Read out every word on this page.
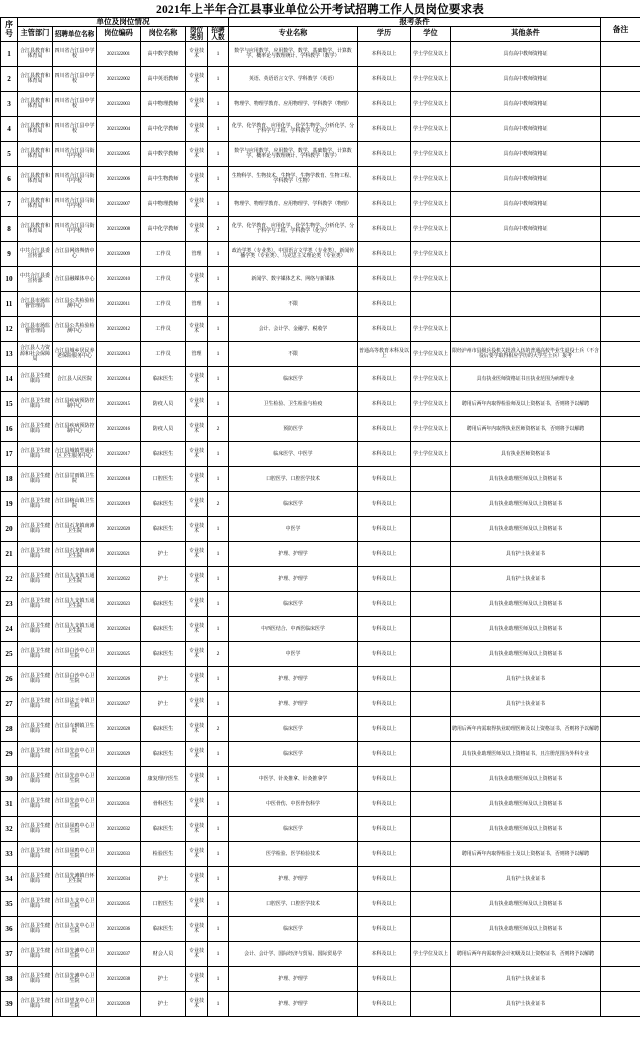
2021年上半年合江县事业单位公开考试招聘工作人员岗位要求表
序号	单位及岗位情况						报考条件				备注
	主管部门	招聘单位名称	岗位编码	岗位名称	岗位类别	招聘人数	专业名称	学历	学位	其他条件	
1	合江县教育和体育局	四川省合江县中学校	2021322001	高中数学教师	专业技术	1	数学与应用数学、应用数学、数学、基础数学、计算数学、概率论与数理统计、学科教学（数学）	本科及以上	学士学位及以上	具有高中教师资格证	
2	合江县教育和体育局	四川省合江县中学校	2021322002	高中英语教师	专业技术	1	英语、英语语言文学、学科教学（英语）	本科及以上	学士学位及以上	具有高中教师资格证	
3	合江县教育和体育局	四川省合江县中学校	2021322003	高中物理教师	专业技术	1	物理学、物理学教育、应用物理学、学科教学（物理）	本科及以上	学士学位及以上	具有高中教师资格证	
4	合江县教育和体育局	四川省合江县中学校	2021322004	高中化学教师	专业技术	1	化学、化学教育、应用化学、化学生物学、分析化学、分子科学与工程、学科教学（化学）	本科及以上	学士学位及以上	具有高中教师资格证	
5	合江县教育和体育局	四川省合江县马街中学校	2021322005	高中数学教师	专业技术	1	数学与应用数学、应用数学、数学、基础数学、计算数学、概率论与数理统计、学科教学（数学）	本科及以上	学士学位及以上	具有高中教师资格证	
6	合江县教育和体育局	四川省合江县马街中学校	2021322006	高中生物教师	专业技术	1	生物科学、生物技术、生物学、生物学教育、生物工程、学科教学（生物）	本科及以上	学士学位及以上	具有高中教师资格证	
7	合江县教育和体育局	四川省合江县马街中学校	2021322007	高中物理教师	专业技术	1	物理学、物理学教育、应用物理学、学科教学（物理）	本科及以上	学士学位及以上	具有高中教师资格证	
8	合江县教育和体育局	四川省合江县马街中学校	2021322008	高中化学教师	专业技术	2	化学、化学教育、应用化学、化学生物学、分析化学、分子科学与工程、学科教学（化学）	本科及以上	学士学位及以上	具有高中教师资格证	
9	中共合江县委宣传部	合江县网络舆情中心	2021322009	工作员	管理	1	政治学类（专业类）、中国语言文学类（专业类）、新闻传播学类（专业类）、马克思主义理论类（专业类）	本科及以上	学士学位及以上		
10	中共合江县委宣传部	合江县融媒体中心	2021322010	工作员	专业技术	1	新闻学、数字媒体艺术、网络与新媒体	本科及以上	学士学位及以上		
11	合江县市场监督管理局	合江县公共检验检测中心	2021322011	工作员	管理	1	不限	本科及以上			
12	合江县市场监督管理局	合江县公共检验检测中心	2021322012	工作员	专业技术	1	会计、会计学、金融学、税收学	本科及以上	学士学位及以上		
13	合江县人力资源和社会保障局	合江县城乡居民养老保险服务中心	2021322013	工作员	管理	1	不限	普通高等教育本科及以上	学士学位及以上	限经泸州市县级兵役机关批准入伍的普通高校毕业生退役士兵（不含役后要学取得相应学历的大学生士兵）报考	
14	合江县卫生健康局	合江县人民医院	2021322014	临床医生	专业技术	1	临床医学	本科及以上	学士学位及以上	具有执业医师资格证书且执业范围为病理专业	
15	合江县卫生健康局	合江县疾病预防控制中心	2021322015	防疫人员	专业技术	1	卫生检验、卫生检验与检疫	本科及以上	学士学位及以上	聘用后两年内取得检验师及以上资格证书，否则将予以解聘	
16	合江县卫生健康局	合江县疾病预防控制中心	2021322016	防疫人员	专业技术	2	预防医学	本科及以上	学士学位及以上	聘用后两年内取得执业医师资格证书，否则将予以解聘	
17	合江县卫生健康局	合江县城镇型通社区卫生服务中心	2021322017	临床医生	专业技术	1	临床医学、中医学	本科及以上	学士学位及以上	具有执业医师资格证书	
18	合江县卫生健康局	合江县甘雨镇卫生院	2021322018	口腔医生	专业技术	1	口腔医学、口腔医学技术	专科及以上		具有执业助理医师及以上资格证书	
19	合江县卫生健康局	合江县榕山镇卫生院	2021322019	临床医生	专业技术	2	临床医学	专科及以上		具有执业助理医师及以上资格证书	
20	合江县卫生健康局	合江县石龙镇南滩卫生院	2021322020	临床医生	专业技术	1	中医学	专科及以上		具有执业助理医师及以上资格证书	
21	合江县卫生健康局	合江县石龙镇南滩卫生院	2021322021	护士	专业技术	1	护理、护理学	专科及以上		具有护士执业证书	
22	合江县卫生健康局	合江县九支镇五通卫生院	2021322022	护士	专业技术	1	护理、护理学	专科及以上		具有护士执业证书	
23	合江县卫生健康局	合江县九支镇五通卫生院	2021322023	临床医生	专业技术	1	临床医学	专科及以上		具有执业助理医师及以上资格证书	
24	合江县卫生健康局	合江县九支镇五通卫生院	2021322024	临床医生	专业技术	1	中西医结合、中西医临床医学	专科及以上		具有执业助理医师及以上资格证书	
25	合江县卫生健康局	合江县白沙中心卫生院	2021322025	临床医生	专业技术	2	中医学	专科及以上		具有执业助理医师及以上资格证书	
26	合江县卫生健康局	合江县白沙中心卫生院	2021322026	护士	专业技术	1	护理、护理学	专科及以上		具有护士执业证书	
27	合江县卫生健康局	合江县法王寺镇卫生院	2021322027	护士	专业技术	1	护理、护理学	专科及以上		具有护士执业证书	
28	合江县卫生健康局	合江县车辋镇卫生院	2021322028	临床医生	专业技术	2	临床医学	专科及以上		聘用后两年内需取得执业助理医师及以上资格证书，否则将予以解聘	
29	合江县卫生健康局	合江县先市中心卫生院	2021322029	临床医生	专业技术	1	临床医学	专科及以上		具有执业助理医师及以上资格证书，且注册范围为外科专业	
30	合江县卫生健康局	合江县先市中心卫生院	2021322030	康复理疗医生	专业技术	1	中医学、针灸推拿、针灸推拿学	专科及以上		具有执业助理医师及以上资格证书	
31	合江县卫生健康局	合江县先市中心卫生院	2021322031	骨科医生	专业技术	1	中医骨伤、中医骨伤科学	专科及以上		具有执业助理医师及以上资格证书	
32	合江县卫生健康局	合江县凤鸣中心卫生院	2021322032	临床医生	专业技术	1	临床医学	专科及以上		具有执业助理医师及以上资格证书	
33	合江县卫生健康局	合江县凤鸣中心卫生院	2021322033	检验医生	专业技术	1	医学检验、医学检验技术	专科及以上		聘用后两年内取得检验士及以上资格证书，否则将予以解聘	
34	合江县卫生健康局	合江县先滩镇自怀卫生院	2021322034	护士	专业技术	1	护理、护理学	专科及以上		具有护士执业证书	
35	合江县卫生健康局	合江县九支中心卫生院	2021322035	口腔医生	专业技术	1	口腔医学、口腔医学技术	专科及以上		具有执业助理医师及以上资格证书	
36	合江县卫生健康局	合江县九支中心卫生院	2021322036	临床医生	专业技术	1	临床医学	专科及以上		具有执业助理医师及以上资格证书	
37	合江县卫生健康局	合江县先滩中心卫生院	2021322037	财会人员	专业技术	1	会计、会计学、国际经济与贸易、国际贸易学	本科及以上	学士学位及以上	聘用后两年内需取得会计初级及以上资格证书，否则将予以解聘	
38	合江县卫生健康局	合江县先滩中心卫生院	2021322038	护士	专业技术	1	护理、护理学	专科及以上		具有护士执业证书	
39	合江县卫生健康局	合江县望龙中心卫生院	2021322039	护士	专业技术	1	护理、护理学	专科及以上		具有护士执业证书	
